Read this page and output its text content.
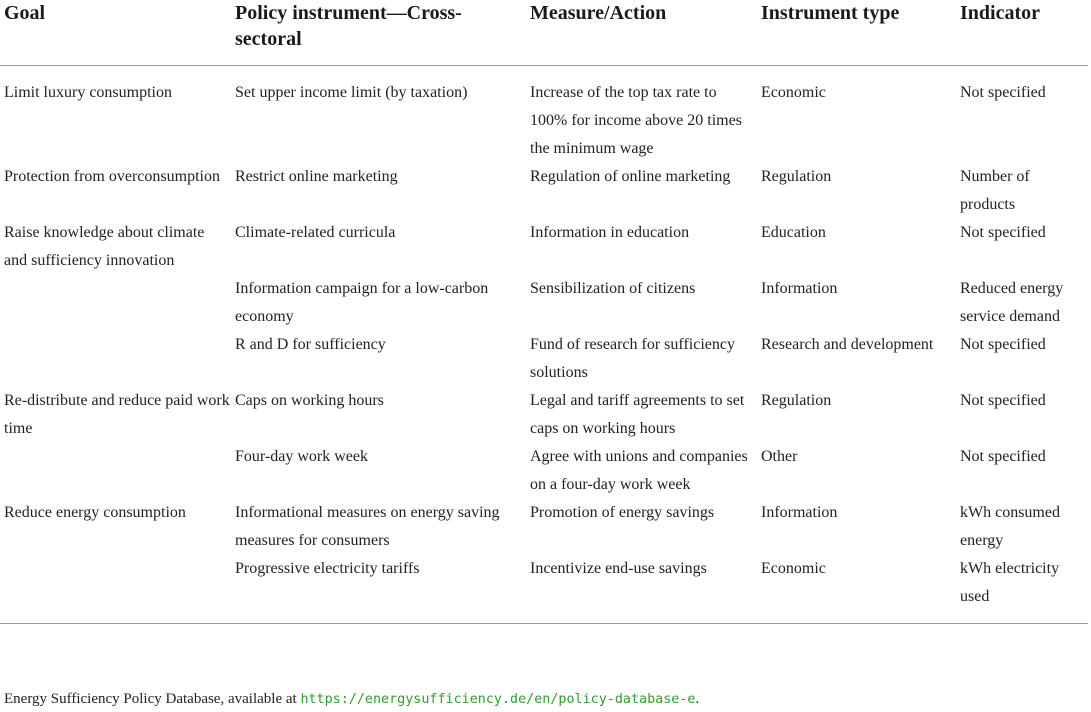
Goal	Policy instrument—Cross-sectoral	Measure/Action	Instrument type	Indicator
Limit luxury consumption	Set upper income limit (by taxation)	Increase of the top tax rate to 100% for income above 20 times the minimum wage	Economic	Not specified
Protection from overconsumption	Restrict online marketing	Regulation of online marketing	Regulation	Number of products
Raise knowledge about climate and sufficiency innovation	Climate-related curricula	Information in education	Education	Not specified
	Information campaign for a low-carbon economy	Sensibilization of citizens	Information	Reduced energy service demand
	R and D for sufficiency	Fund of research for sufficiency solutions	Research and development	Not specified
Re-distribute and reduce paid work time	Caps on working hours	Legal and tariff agreements to set caps on working hours	Regulation	Not specified
	Four-day work week	Agree with unions and companies on a four-day work week	Other	Not specified
Reduce energy consumption	Informational measures on energy saving measures for consumers	Promotion of energy savings	Information	kWh consumed energy
	Progressive electricity tariffs	Incentivize end-use savings	Economic	kWh electricity used
Energy Sufficiency Policy Database, available at https://energysufficiency.de/en/policy-database-e.
